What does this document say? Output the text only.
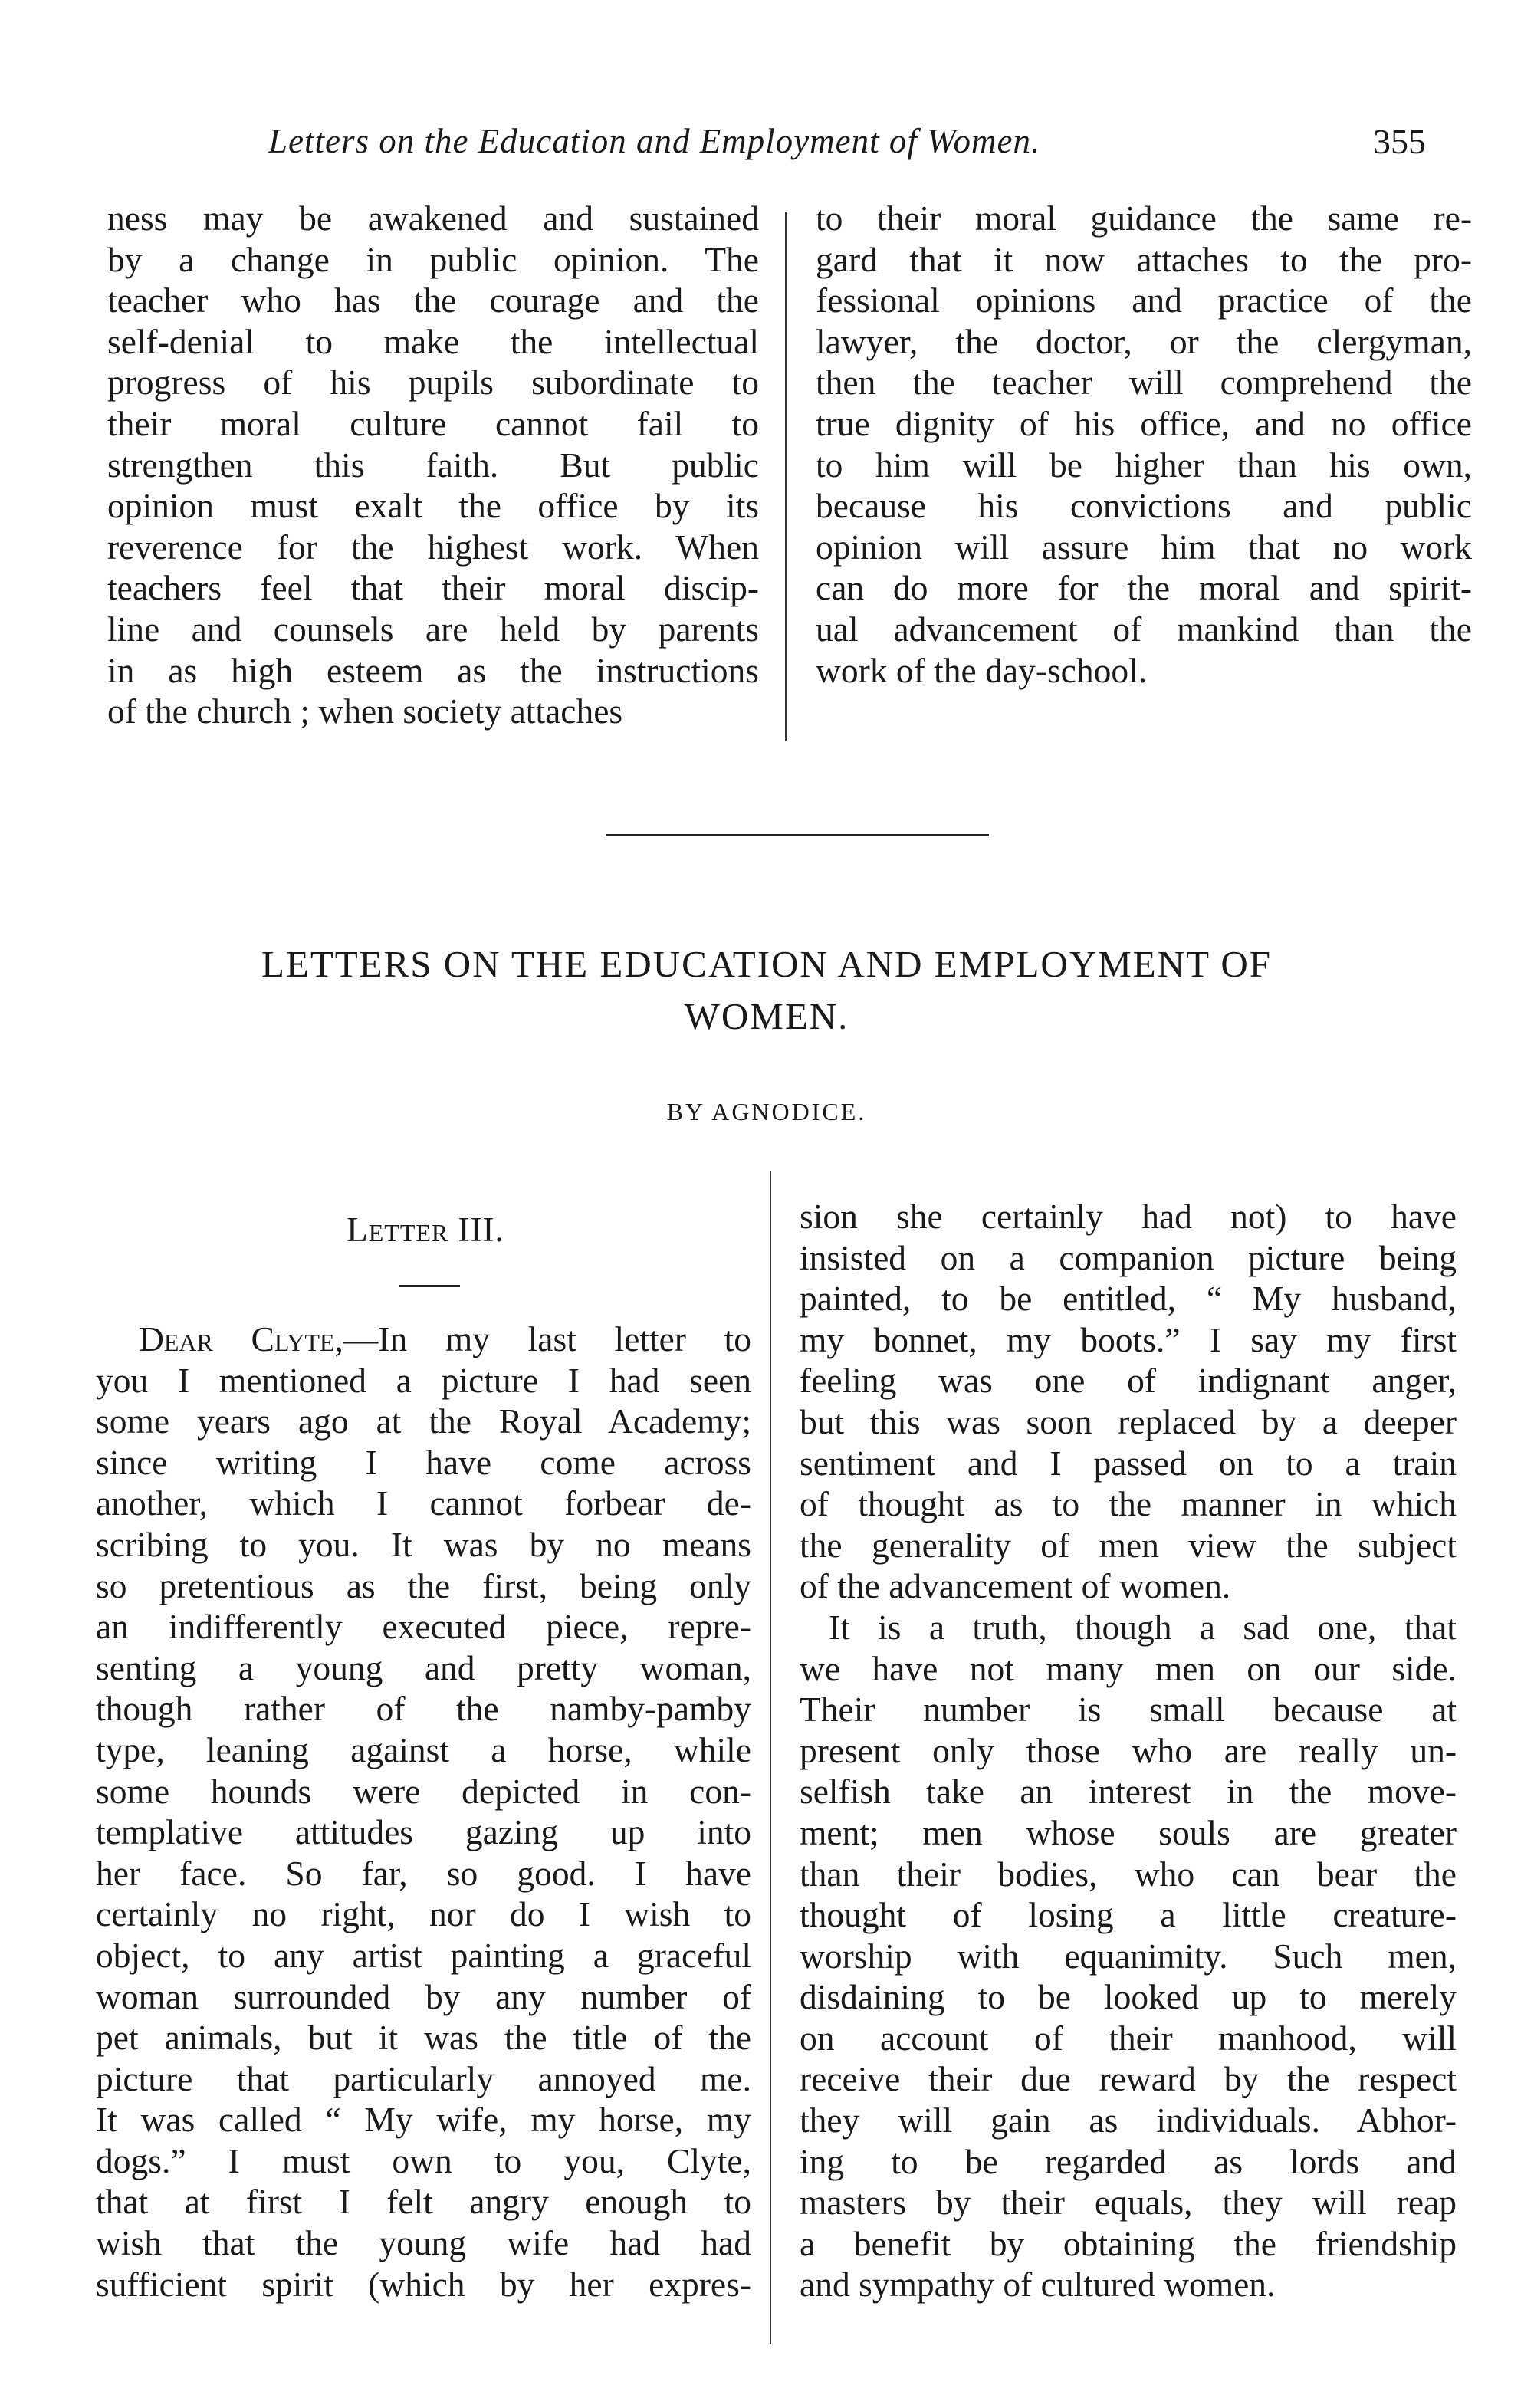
Letters on the Education and Employment of Women.	355

ness may be awakened and sustained
by a change in public opinion. The
teacher who has the courage and the
self-denial to make the intellectual
progress of his pupils subordinate to
their moral culture cannot fail to
strengthen this faith. But public
opinion must exalt the office by its
reverence for the highest work. When
teachers feel that their moral discip-
line and counsels are held by parents
in as high esteem as the instructions
of the church ; when society attaches

to their moral guidance the same re-
gard that it now attaches to the pro-
fessional opinions and practice of the
lawyer, the doctor, or the clergyman,
then the teacher will comprehend the
true dignity of his office, and no office
to him will be higher than his own,
because his convictions and public
opinion will assure him that no work
can do more for the moral and spirit-
ual advancement of mankind than the
work of the day-school.

LETTERS ON THE EDUCATION AND EMPLOYMENT OF
WOMEN.
BY AGNODICE.
Letter III.

Dear Clyte,—In my last letter to
you I mentioned a picture I had seen
some years ago at the Royal Academy;
since writing I have come across
another, which I cannot forbear de-
scribing to you. It was by no means
so pretentious as the first, being only
an indifferently executed piece, repre-
senting a young and pretty woman,
though rather of the namby-pamby
type, leaning against a horse, while
some hounds were depicted in con-
templative attitudes gazing up into
her face. So far, so good. I have
certainly no right, nor do I wish to
object, to any artist painting a graceful
woman surrounded by any number of
pet animals, but it was the title of the
picture that particularly annoyed me.
It was called “ My wife, my horse, my
dogs.” I must own to you, Clyte,
that at first I felt angry enough to
wish that the young wife had had
sufficient spirit (which by her expres-

sion she certainly had not) to have
insisted on a companion picture being
painted, to be entitled, “ My husband,
my bonnet, my boots.” I say my first
feeling was one of indignant anger,
but this was soon replaced by a deeper
sentiment and I passed on to a train
of thought as to the manner in which
the generality of men view the subject
of the advancement of women.

It is a truth, though a sad one, that
we have not many men on our side.
Their number is small because at
present only those who are really un-
selfish take an interest in the move-
ment; men whose souls are greater
than their bodies, who can bear the
thought of losing a little creature-
worship with equanimity. Such men,
disdaining to be looked up to merely
on account of their manhood, will
receive their due reward by the respect
they will gain as individuals. Abhor-
ing to be regarded as lords and
masters by their equals, they will reap
a benefit by obtaining the friendship
and sympathy of cultured women.
